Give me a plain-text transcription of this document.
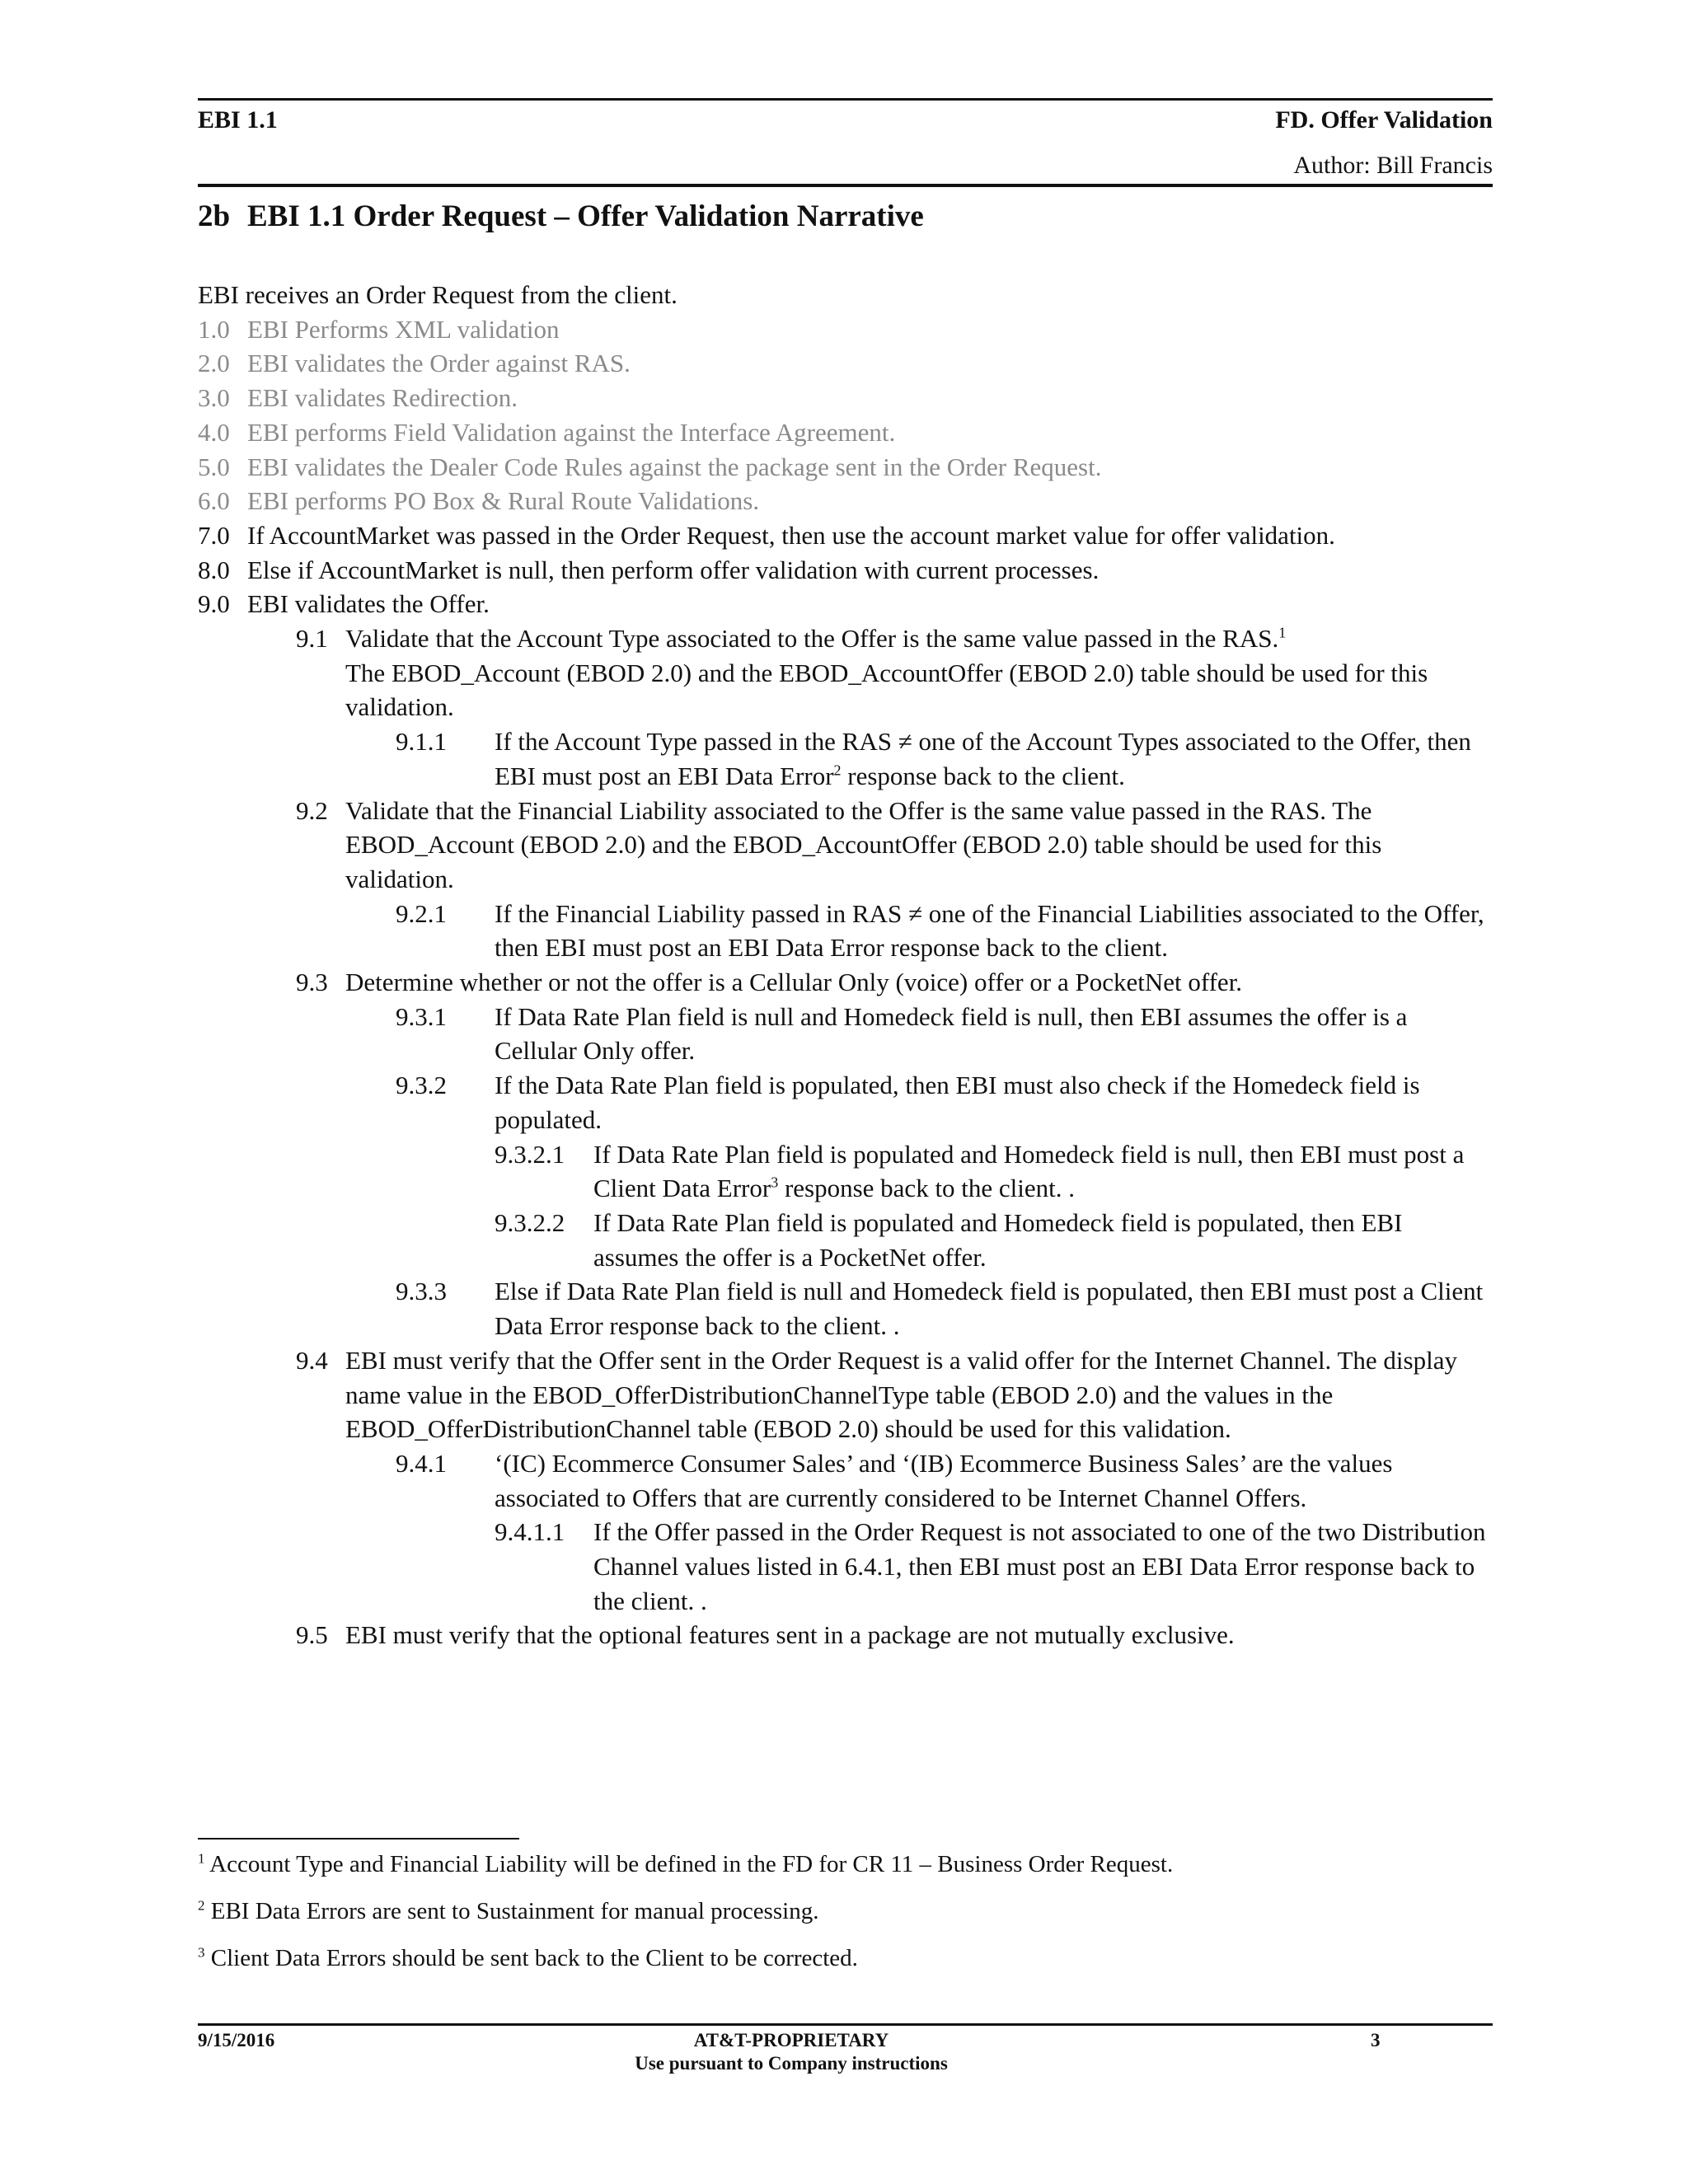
EBI 1.1	FD. Offer Validation
Author: Bill Francis
2b EBI 1.1 Order Request – Offer Validation Narrative

EBI receives an Order Request from the client.

1.0 EBI Performs XML validation
2.0 EBI validates the Order against RAS.
3.0 EBI validates Redirection.
4.0 EBI performs Field Validation against the Interface Agreement.
5.0 EBI validates the Dealer Code Rules against the package sent in the Order Request.
6.0 EBI performs PO Box & Rural Route Validations.
7.0 If AccountMarket was passed in the Order Request, then use the account market value for offer validation.
8.0 Else if AccountMarket is null, then perform offer validation with current processes.
9.0 EBI validates the Offer.
9.1 Validate that the Account Type associated to the Offer is the same value passed in the RAS.$^1$
The EBOD_Account (EBOD 2.0) and the EBOD_AccountOffer (EBOD 2.0) table should be used for this validation.
9.1.1	If the Account Type passed in the RAS ≠ one of the Account Types associated to the Offer, then EBI must post an EBI Data Error$^2$ response back to the client.
9.2 Validate that the Financial Liability associated to the Offer is the same value passed in the RAS. The EBOD_Account (EBOD 2.0) and the EBOD_AccountOffer (EBOD 2.0) table should be used for this validation.
9.2.1	If the Financial Liability passed in RAS ≠ one of the Financial Liabilities associated to the Offer, then EBI must post an EBI Data Error response back to the client.
9.3 Determine whether or not the offer is a Cellular Only (voice) offer or a PocketNet offer.
9.3.1	If Data Rate Plan field is null and Homedeck field is null, then EBI assumes the offer is a Cellular Only offer.
9.3.2	If the Data Rate Plan field is populated, then EBI must also check if the Homedeck field is populated.
9.3.2.1	If Data Rate Plan field is populated and Homedeck field is null, then EBI must post a Client Data Error$^3$ response back to the client. .
9.3.2.2	If Data Rate Plan field is populated and Homedeck field is populated, then EBI assumes the offer is a PocketNet offer.
9.3.3	Else if Data Rate Plan field is null and Homedeck field is populated, then EBI must post a Client Data Error response back to the client. .
9.4 EBI must verify that the Offer sent in the Order Request is a valid offer for the Internet Channel. The display name value in the EBOD_OfferDistributionChannelType table (EBOD 2.0) and the values in the EBOD_OfferDistributionChannel table (EBOD 2.0) should be used for this validation.
9.4.1	‘(IC) Ecommerce Consumer Sales’ and ‘(IB) Ecommerce Business Sales’ are the values associated to Offers that are currently considered to be Internet Channel Offers.
9.4.1.1	If the Offer passed in the Order Request is not associated to one of the two Distribution Channel values listed in 6.4.1, then EBI must post an EBI Data Error response back to the client. .
9.5 EBI must verify that the optional features sent in a package are not mutually exclusive.
$^1$ Account Type and Financial Liability will be defined in the FD for CR 11 – Business Order Request.
$^2$ EBI Data Errors are sent to Sustainment for manual processing.
$^3$ Client Data Errors should be sent back to the Client to be corrected.
9/15/2016	AT&T-PROPRIETARY
Use pursuant to Company instructions
3
